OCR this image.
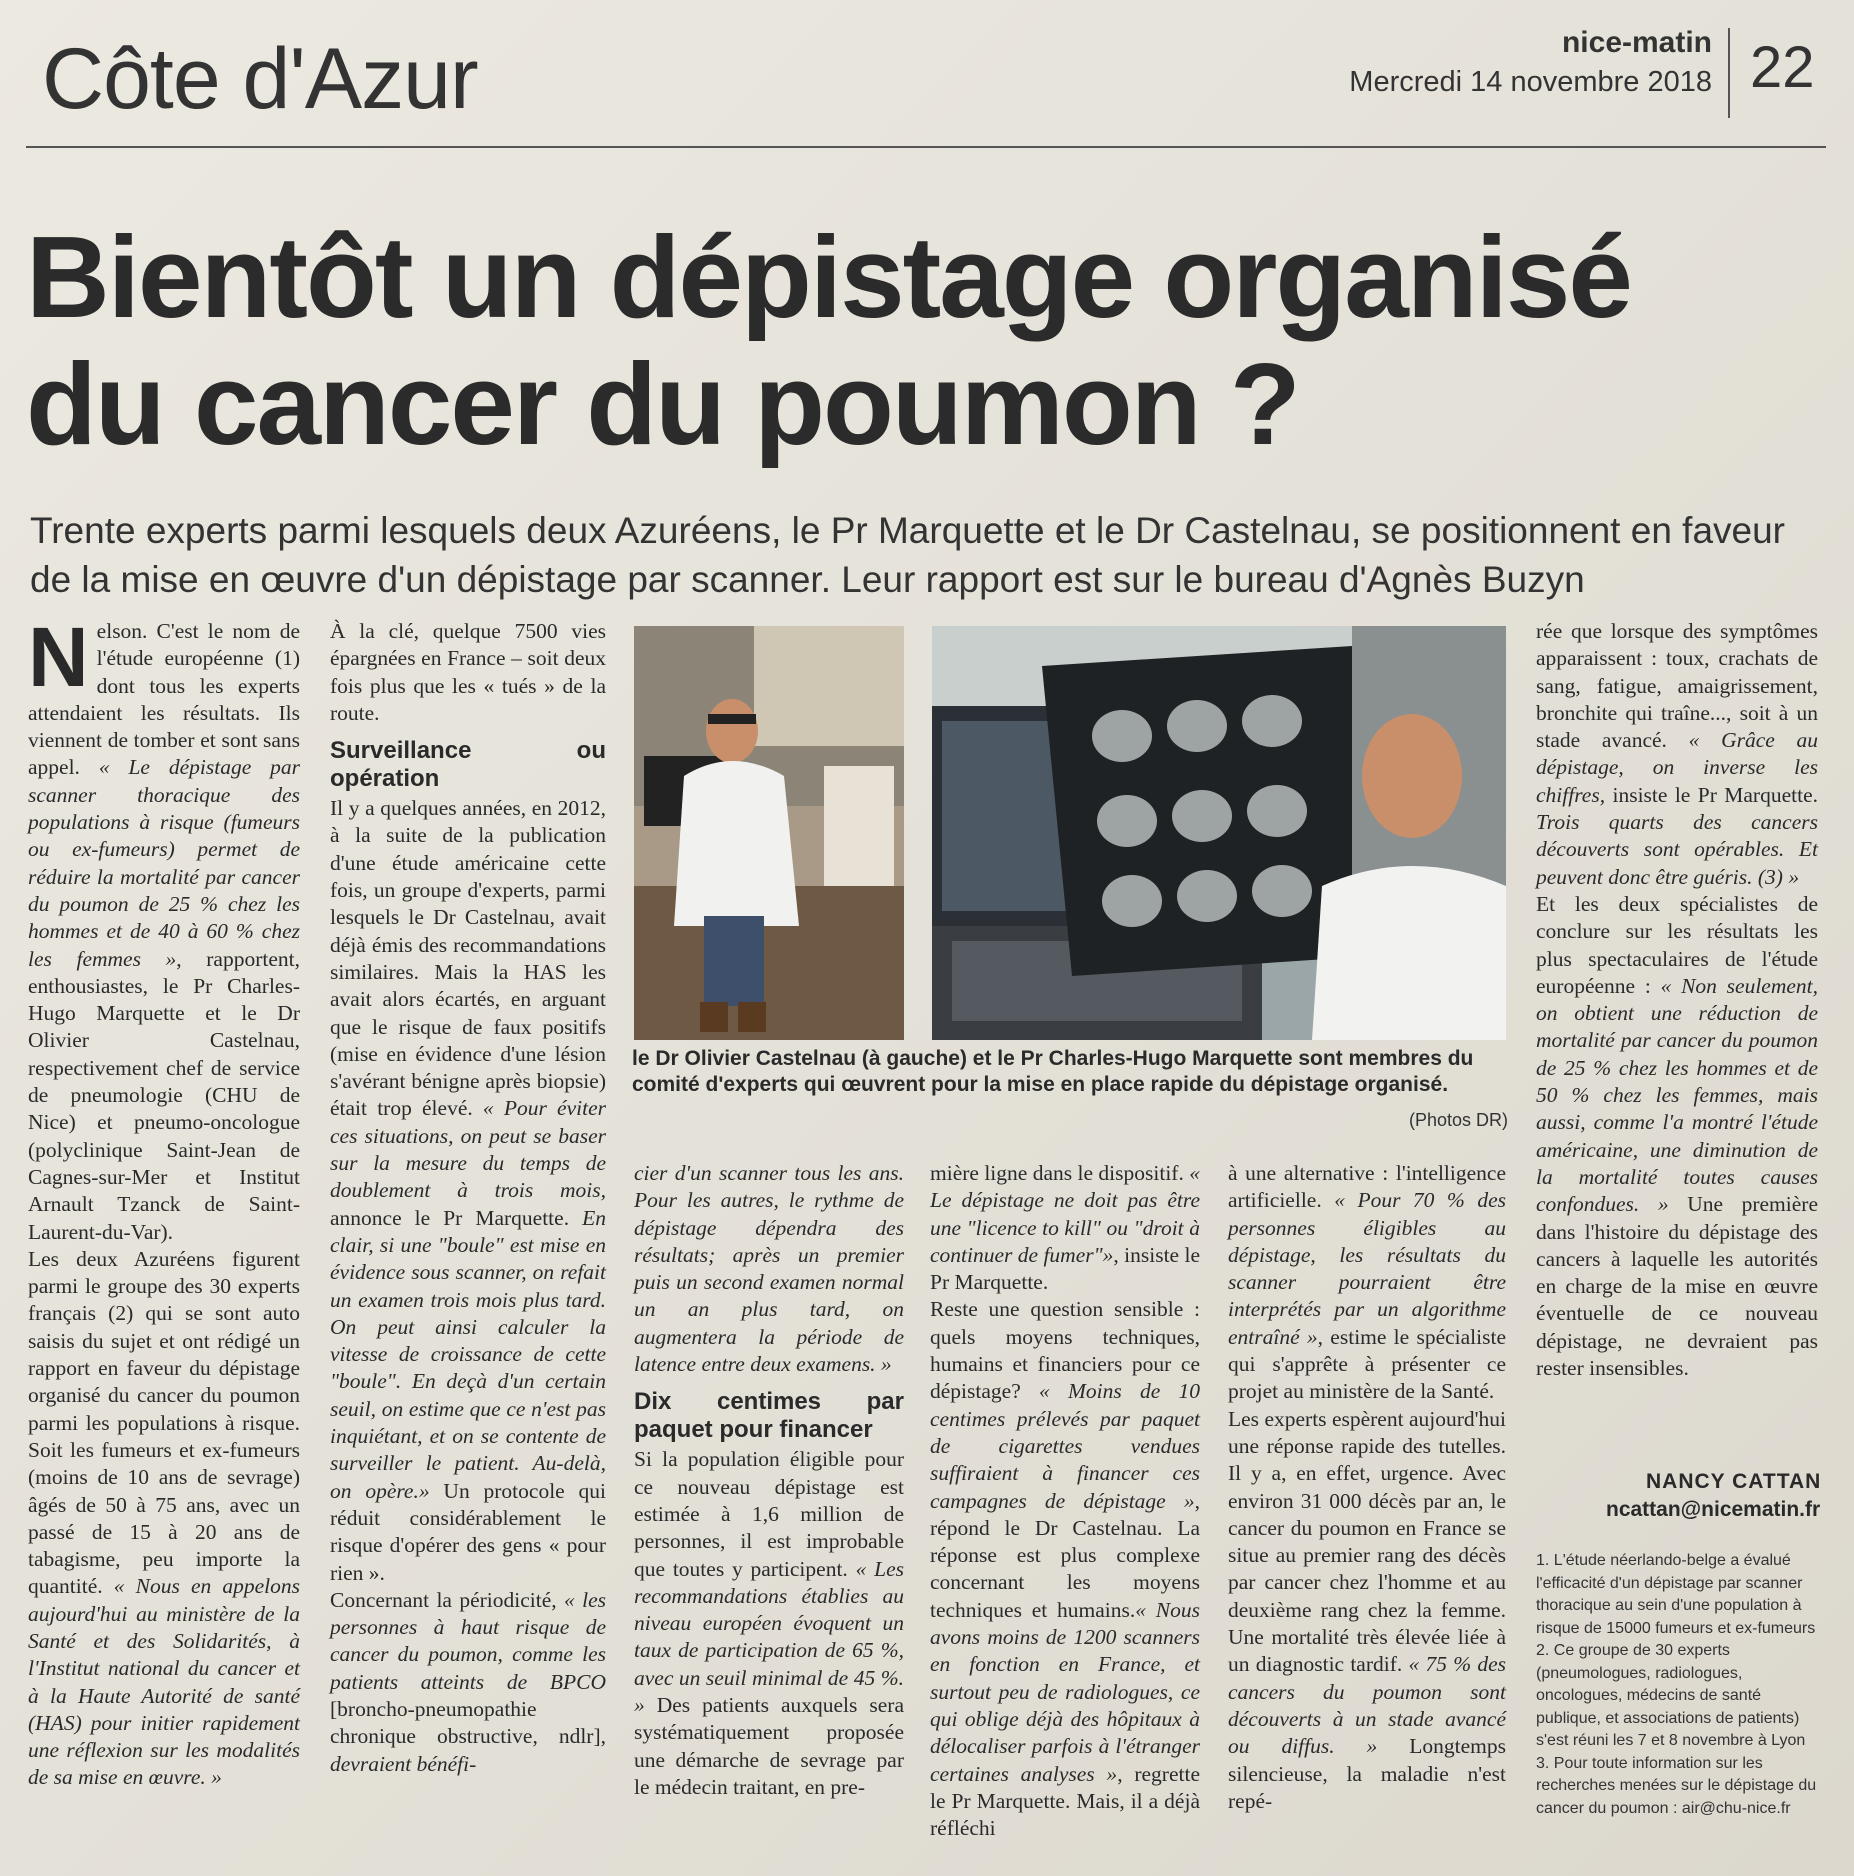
Côte d'Azur	nice-matin
Mercredi 14 novembre 2018 22
Bientôt un dépistage organisé
du cancer du poumon ?
Trente experts parmi lesquels deux Azuréens, le Pr Marquette et le Dr Castelnau, se positionnent en faveur de la mise en œuvre d'un dépistage par scanner. Leur rapport est sur le bureau d'Agnès Buzyn

Nelson. C'est le nom de l'étude européenne (1) dont tous les experts attendaient les résultats. Ils viennent de tomber et sont sans appel. « Le dépistage par scanner thoracique des populations à risque (fumeurs ou ex-fumeurs) permet de réduire la mortalité par cancer du poumon de 25 % chez les hommes et de 40 à 60 % chez les femmes », rapportent, enthousiastes, le Pr Charles-Hugo Marquette et le Dr Olivier Castelnau, respectivement chef de service de pneumologie (CHU de Nice) et pneumo-oncologue (polyclinique Saint-Jean de Cagnes-sur-Mer et Institut Arnault Tzanck de Saint-Laurent-du-Var).

Les deux Azuréens figurent parmi le groupe des 30 experts français (2) qui se sont auto saisis du sujet et ont rédigé un rapport en faveur du dépistage organisé du cancer du poumon parmi les populations à risque. Soit les fumeurs et ex-fumeurs (moins de 10 ans de sevrage) âgés de 50 à 75 ans, avec un passé de 15 à 20 ans de tabagisme, peu importe la quantité. « Nous en appelons aujourd'hui au ministère de la Santé et des Solidarités, à l'Institut national du cancer et à la Haute Autorité de santé (HAS) pour initier rapidement une réflexion sur les modalités de sa mise en œuvre. »

À la clé, quelque 7500 vies épargnées en France – soit deux fois plus que les « tués » de la route.

Surveillance ou opération

Il y a quelques années, en 2012, à la suite de la publication d'une étude américaine cette fois, un groupe d'experts, parmi lesquels le Dr Castelnau, avait déjà émis des recommandations similaires. Mais la HAS les avait alors écartés, en arguant que le risque de faux positifs (mise en évidence d'une lésion s'avérant bénigne après biopsie) était trop élevé. « Pour éviter ces situations, on peut se baser sur la mesure du temps de doublement à trois mois, annonce le Pr Marquette. En clair, si une "boule" est mise en évidence sous scanner, on refait un examen trois mois plus tard. On peut ainsi calculer la vitesse de croissance de cette "boule". En deçà d'un certain seuil, on estime que ce n'est pas inquiétant, et on se contente de surveiller le patient. Au-delà, on opère.» Un protocole qui réduit considérablement le risque d'opérer des gens « pour rien ».

Concernant la périodicité, « les personnes à haut risque de cancer du poumon, comme les patients atteints de BPCO [broncho-pneumopathie chronique obstructive, ndlr], devraient bénéfi-

le Dr Olivier Castelnau (à gauche) et le Pr Charles-Hugo Marquette sont membres du comité d'experts qui œuvrent pour la mise en place rapide du dépistage organisé.
(Photos DR)

cier d'un scanner tous les ans. Pour les autres, le rythme de dépistage dépendra des résultats; après un premier puis un second examen normal un an plus tard, on augmentera la période de latence entre deux examens. »

Dix centimes par paquet pour financer

Si la population éligible pour ce nouveau dépistage est estimée à 1,6 million de personnes, il est improbable que toutes y participent. « Les recommandations établies au niveau européen évoquent un taux de participation de 65 %, avec un seuil minimal de 45 %. » Des patients auxquels sera systématiquement proposée une démarche de sevrage par le médecin traitant, en pre-

mière ligne dans le dispositif. « Le dépistage ne doit pas être une "licence to kill" ou "droit à continuer de fumer"», insiste le Pr Marquette.

Reste une question sensible : quels moyens techniques, humains et financiers pour ce dépistage? « Moins de 10 centimes prélevés par paquet de cigarettes vendues suffiraient à financer ces campagnes de dépistage », répond le Dr Castelnau. La réponse est plus complexe concernant les moyens techniques et humains.« Nous avons moins de 1200 scanners en fonction en France, et surtout peu de radiologues, ce qui oblige déjà des hôpitaux à délocaliser parfois à l'étranger certaines analyses », regrette le Pr Marquette. Mais, il a déjà réfléchi

à une alternative : l'intelligence artificielle. « Pour 70 % des personnes éligibles au dépistage, les résultats du scanner pourraient être interprétés par un algorithme entraîné », estime le spécialiste qui s'apprête à présenter ce projet au ministère de la Santé.

Les experts espèrent aujourd'hui une réponse rapide des tutelles. Il y a, en effet, urgence. Avec environ 31 000 décès par an, le cancer du poumon en France se situe au premier rang des décès par cancer chez l'homme et au deuxième rang chez la femme. Une mortalité très élevée liée à un diagnostic tardif. « 75 % des cancers du poumon sont découverts à un stade avancé ou diffus. » Longtemps silencieuse, la maladie n'est repé-

rée que lorsque des symptômes apparaissent : toux, crachats de sang, fatigue, amaigrissement, bronchite qui traîne..., soit à un stade avancé. « Grâce au dépistage, on inverse les chiffres, insiste le Pr Marquette. Trois quarts des cancers découverts sont opérables. Et peuvent donc être guéris. (3) »

Et les deux spécialistes de conclure sur les résultats les plus spectaculaires de l'étude européenne : « Non seulement, on obtient une réduction de mortalité par cancer du poumon de 25 % chez les hommes et de 50 % chez les femmes, mais aussi, comme l'a montré l'étude américaine, une diminution de la mortalité toutes causes confondues. » Une première dans l'histoire du dépistage des cancers à laquelle les autorités en charge de la mise en œuvre éventuelle de ce nouveau dépistage, ne devraient pas rester insensibles.

NANCY CATTAN
ncattan@nicematin.fr

1. L'étude néerlando-belge a évalué l'efficacité d'un dépistage par scanner thoracique au sein d'une population à risque de 15000 fumeurs et ex-fumeurs

2. Ce groupe de 30 experts (pneumologues, radiologues, oncologues, médecins de santé publique, et associations de patients) s'est réuni les 7 et 8 novembre à Lyon

3. Pour toute information sur les recherches menées sur le dépistage du cancer du poumon : air@chu-nice.fr
